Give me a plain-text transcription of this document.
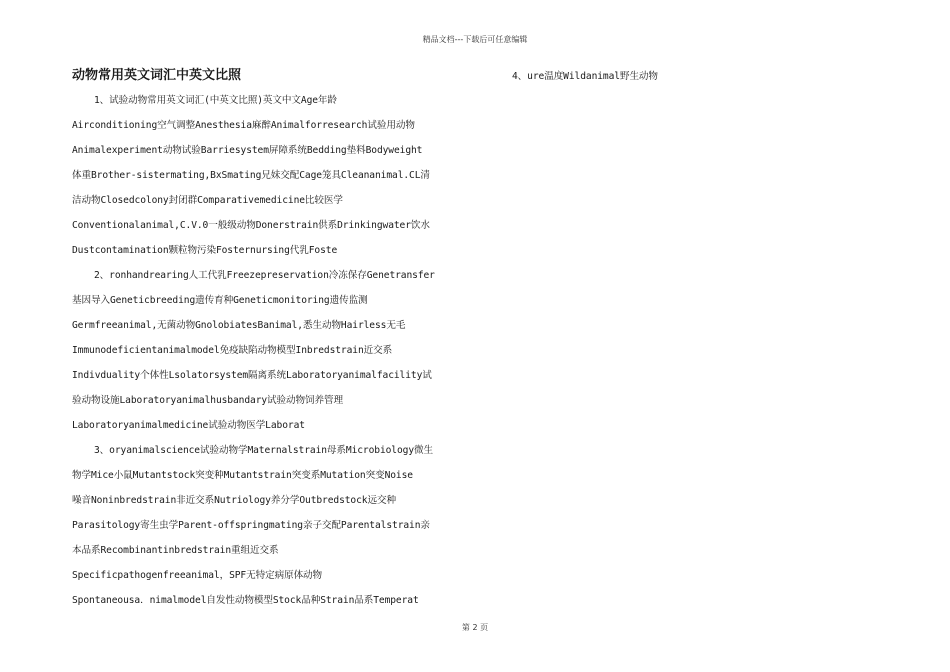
精品文档---下载后可任意编辑
动物常用英文词汇中英文比照
1、试验动物常用英文词汇(中英文比照)英文中文Age年龄
Airconditioning空气调整Anesthesia麻醉Animalforresearch试验用动物
Animalexperiment动物试验Barriesystem屏障系统Bedding垫料Bodyweight
体重Brother-sistermating,BxSmating兄妹交配Cage笼具Cleananimal.CL清
洁动物Closedcolony封闭群Comparativemedicine比较医学
Conventionalanimal,C.V.0一般级动物Donerstrain供系Drinkingwater饮水
Dustcontamination颗粒物污染Fosternursing代乳Foste
2、ronhandrearing人工代乳Freezepreservation冷冻保存Genetransfer
基因导入Geneticbreeding遗传育种Geneticmonitoring遗传监测
Germfreeanimal,无菌动物GnolobiatesBanimal,悉生动物Hairless无毛
Immunodeficientanimalmodel免疫缺陷动物模型Inbredstrain近交系
Indivduality个体性Lsolatorsystem隔离系统Laboratoryanimalfacility试
验动物设施Laboratoryanimalhusbandary试验动物饲养管理
Laboratoryanimalmedicine试验动物医学Laborat
3、oryanimalscience试验动物学Maternalstrain母系Microbiology微生
物学Mice小鼠Mutantstock突变种Mutantstrain突变系Mutation突变Noise
噪音Noninbredstrain非近交系Nutriology养分学Outbredstock远交种
Parasitology寄生虫学Parent-offspringmating亲子交配Parentalstrain亲
本品系Recombinantinbredstrain重组近交系
Specificpathogenfreeanimal，SPF无特定病原体动物
Spontaneousa．nimalmodel自发性动物模型Stock品种Strain品系Temperat
4、ure温度Wildanimal野生动物
第 2 页
